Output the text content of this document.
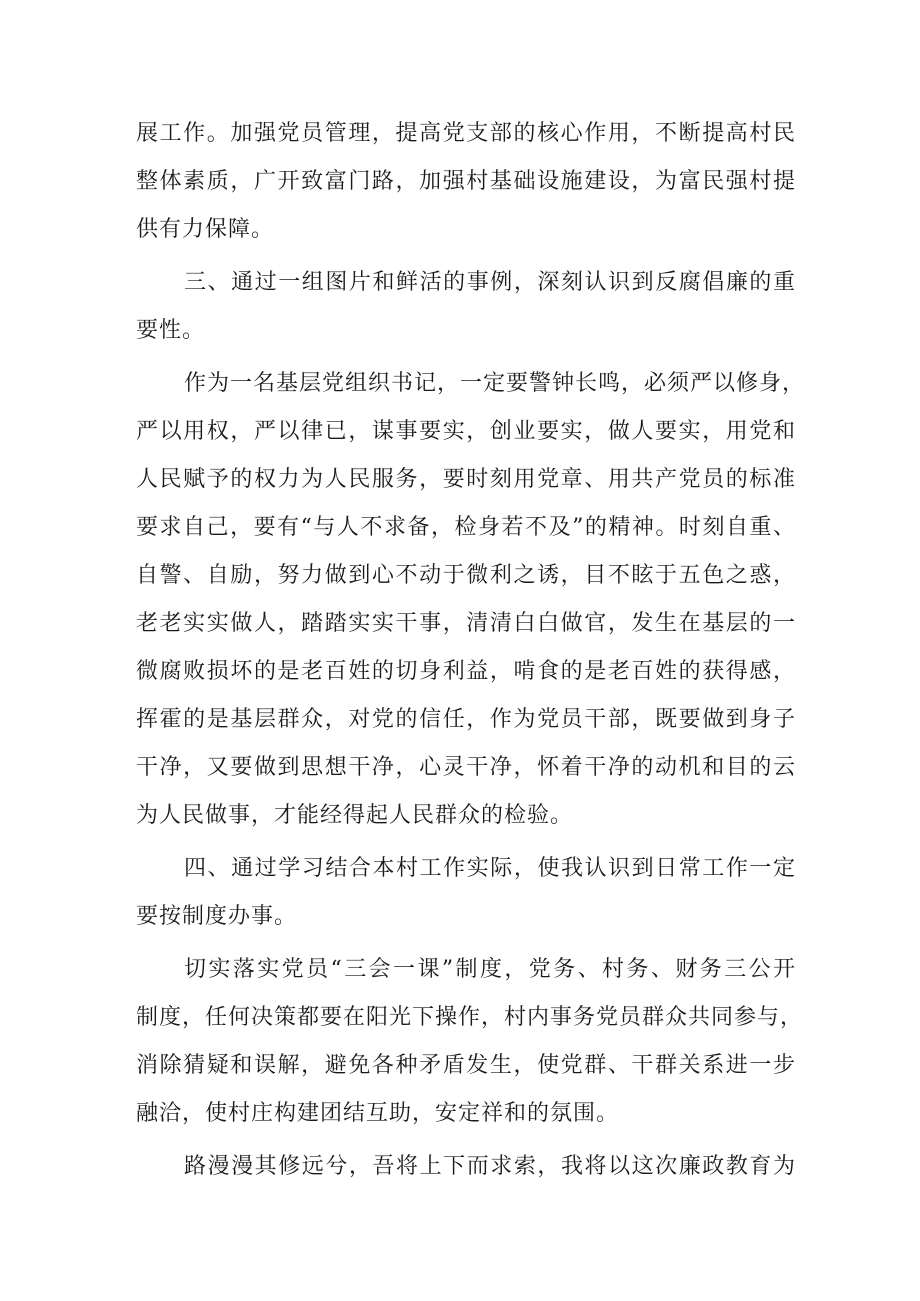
展工作。加强党员管理，提高党支部的核心作用，不断提高村民
整体素质，广开致富门路，加强村基础设施建设，为富民强村提
供有力保障。
三、通过一组图片和鲜活的事例，深刻认识到反腐倡廉的重
要性。
作为一名基层党组织书记，一定要警钟长鸣，必须严以修身，
严以用权，严以律已，谋事要实，创业要实，做人要实，用党和
人民赋予的权力为人民服务，要时刻用党章、用共产党员的标准
要求自己，要有“与人不求备，检身若不及”的精神。时刻自重、
自警、自励，努力做到心不动于微利之诱，目不眩于五色之惑，
老老实实做人，踏踏实实干事，清清白白做官，发生在基层的一
微腐败损坏的是老百姓的切身利益，啃食的是老百姓的获得感，
挥霍的是基层群众，对党的信任，作为党员干部，既要做到身子
干净，又要做到思想干净，心灵干净，怀着干净的动机和目的云
为人民做事，才能经得起人民群众的检验。
四、通过学习结合本村工作实际，使我认识到日常工作一定
要按制度办事。
切实落实党员“三会一课”制度，党务、村务、财务三公开
制度，任何决策都要在阳光下操作，村内事务党员群众共同参与，
消除猜疑和误解，避免各种矛盾发生，使党群、干群关系进一步
融洽，使村庄构建团结互助，安定祥和的氛围。
路漫漫其修远兮，吾将上下而求索，我将以这次廉政教育为
